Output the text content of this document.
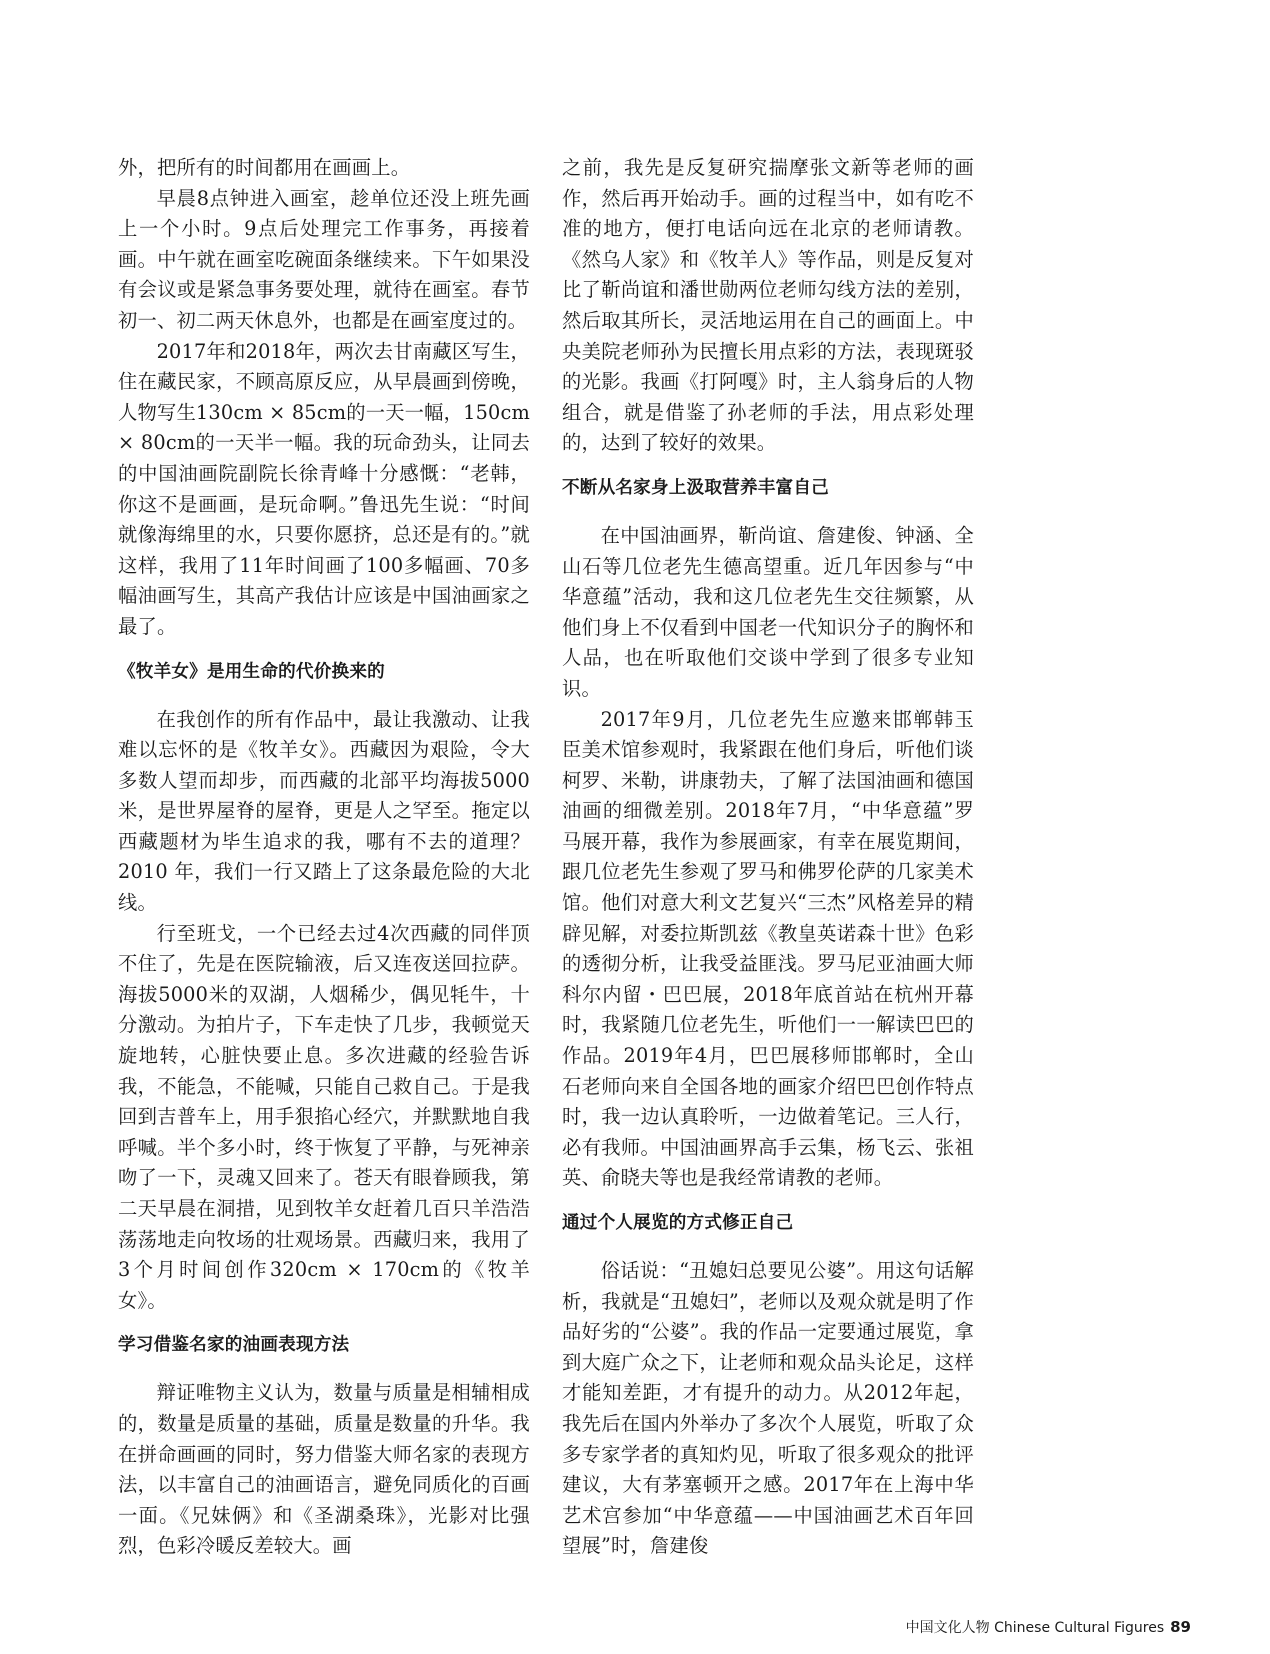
外，把所有的时间都用在画画上。

早晨8点钟进入画室，趁单位还没上班先画上一个小时。9点后处理完工作事务，再接着画。中午就在画室吃碗面条继续来。下午如果没有会议或是紧急事务要处理，就待在画室。春节初一、初二两天休息外，也都是在画室度过的。

2017年和2018年，两次去甘南藏区写生，住在藏民家，不顾高原反应，从早晨画到傍晚，人物写生130cm × 85cm的一天一幅，150cm × 80cm的一天半一幅。我的玩命劲头，让同去的中国油画院副院长徐青峰十分感慨：“老韩，你这不是画画，是玩命啊。”鲁迅先生说：“时间就像海绵里的水，只要你愿挤，总还是有的。”就这样，我用了11年时间画了100多幅画、70多幅油画写生，其高产我估计应该是中国油画家之最了。

《牧羊女》是用生命的代价换来的

在我创作的所有作品中，最让我激动、让我难以忘怀的是《牧羊女》。西藏因为艰险，令大多数人望而却步，而西藏的北部平均海拔5000米，是世界屋脊的屋脊，更是人之罕至。拖定以西藏题材为毕生追求的我，哪有不去的道理？2010 年，我们一行又踏上了这条最危险的大北线。

行至班戈，一个已经去过4次西藏的同伴顶不住了，先是在医院输液，后又连夜送回拉萨。海拔5000米的双湖，人烟稀少，偶见牦牛，十分激动。为拍片子，下车走快了几步，我顿觉天旋地转，心脏快要止息。多次进藏的经验告诉我，不能急，不能喊，只能自己救自己。于是我回到吉普车上，用手狠掐心经穴，并默默地自我呼喊。半个多小时，终于恢复了平静，与死神亲吻了一下，灵魂又回来了。苍天有眼眷顾我，第二天早晨在洞措，见到牧羊女赶着几百只羊浩浩荡荡地走向牧场的壮观场景。西藏归来，我用了3个月时间创作320cm × 170cm的《牧羊女》。

学习借鉴名家的油画表现方法

辩证唯物主义认为，数量与质量是相辅相成的，数量是质量的基础，质量是数量的升华。我在拼命画画的同时，努力借鉴大师名家的表现方法，以丰富自己的油画语言，避免同质化的百画一面。《兄妹俩》和《圣湖桑珠》，光影对比强烈，色彩冷暖反差较大。画

之前，我先是反复研究揣摩张文新等老师的画作，然后再开始动手。画的过程当中，如有吃不准的地方，便打电话向远在北京的老师请教。《然乌人家》和《牧羊人》等作品，则是反复对比了靳尚谊和潘世勋两位老师勾线方法的差别，然后取其所长，灵活地运用在自己的画面上。中央美院老师孙为民擅长用点彩的方法，表现斑驳的光影。我画《打阿嘎》时，主人翁身后的人物组合，就是借鉴了孙老师的手法，用点彩处理的，达到了较好的效果。

不断从名家身上汲取营养丰富自己

在中国油画界，靳尚谊、詹建俊、钟涵、全山石等几位老先生德高望重。近几年因参与“中华意蕴”活动，我和这几位老先生交往频繁，从他们身上不仅看到中国老一代知识分子的胸怀和人品，也在听取他们交谈中学到了很多专业知识。

2017年9月，几位老先生应邀来邯郸韩玉臣美术馆参观时，我紧跟在他们身后，听他们谈柯罗、米勒，讲康勃夫，了解了法国油画和德国油画的细微差别。2018年7月，“中华意蕴”罗马展开幕，我作为参展画家，有幸在展览期间，跟几位老先生参观了罗马和佛罗伦萨的几家美术馆。他们对意大利文艺复兴“三杰”风格差异的精辟见解，对委拉斯凯兹《教皇英诺森十世》色彩的透彻分析，让我受益匪浅。罗马尼亚油画大师科尔内留・巴巴展，2018年底首站在杭州开幕时，我紧随几位老先生，听他们一一解读巴巴的作品。2019年4月，巴巴展移师邯郸时，全山石老师向来自全国各地的画家介绍巴巴创作特点时，我一边认真聆听，一边做着笔记。三人行，必有我师。中国油画界高手云集，杨飞云、张祖英、俞晓夫等也是我经常请教的老师。

通过个人展览的方式修正自己

俗话说：“丑媳妇总要见公婆”。用这句话解析，我就是“丑媳妇”，老师以及观众就是明了作品好劣的“公婆”。我的作品一定要通过展览，拿到大庭广众之下，让老师和观众品头论足，这样才能知差距，才有提升的动力。从2012年起，我先后在国内外举办了多次个人展览，听取了众多专家学者的真知灼见，听取了很多观众的批评建议，大有茅塞顿开之感。2017年在上海中华艺术宫参加“中华意蕴——中国油画艺术百年回望展”时，詹建俊

中国文化人物 Chinese Cultural Figures 89
